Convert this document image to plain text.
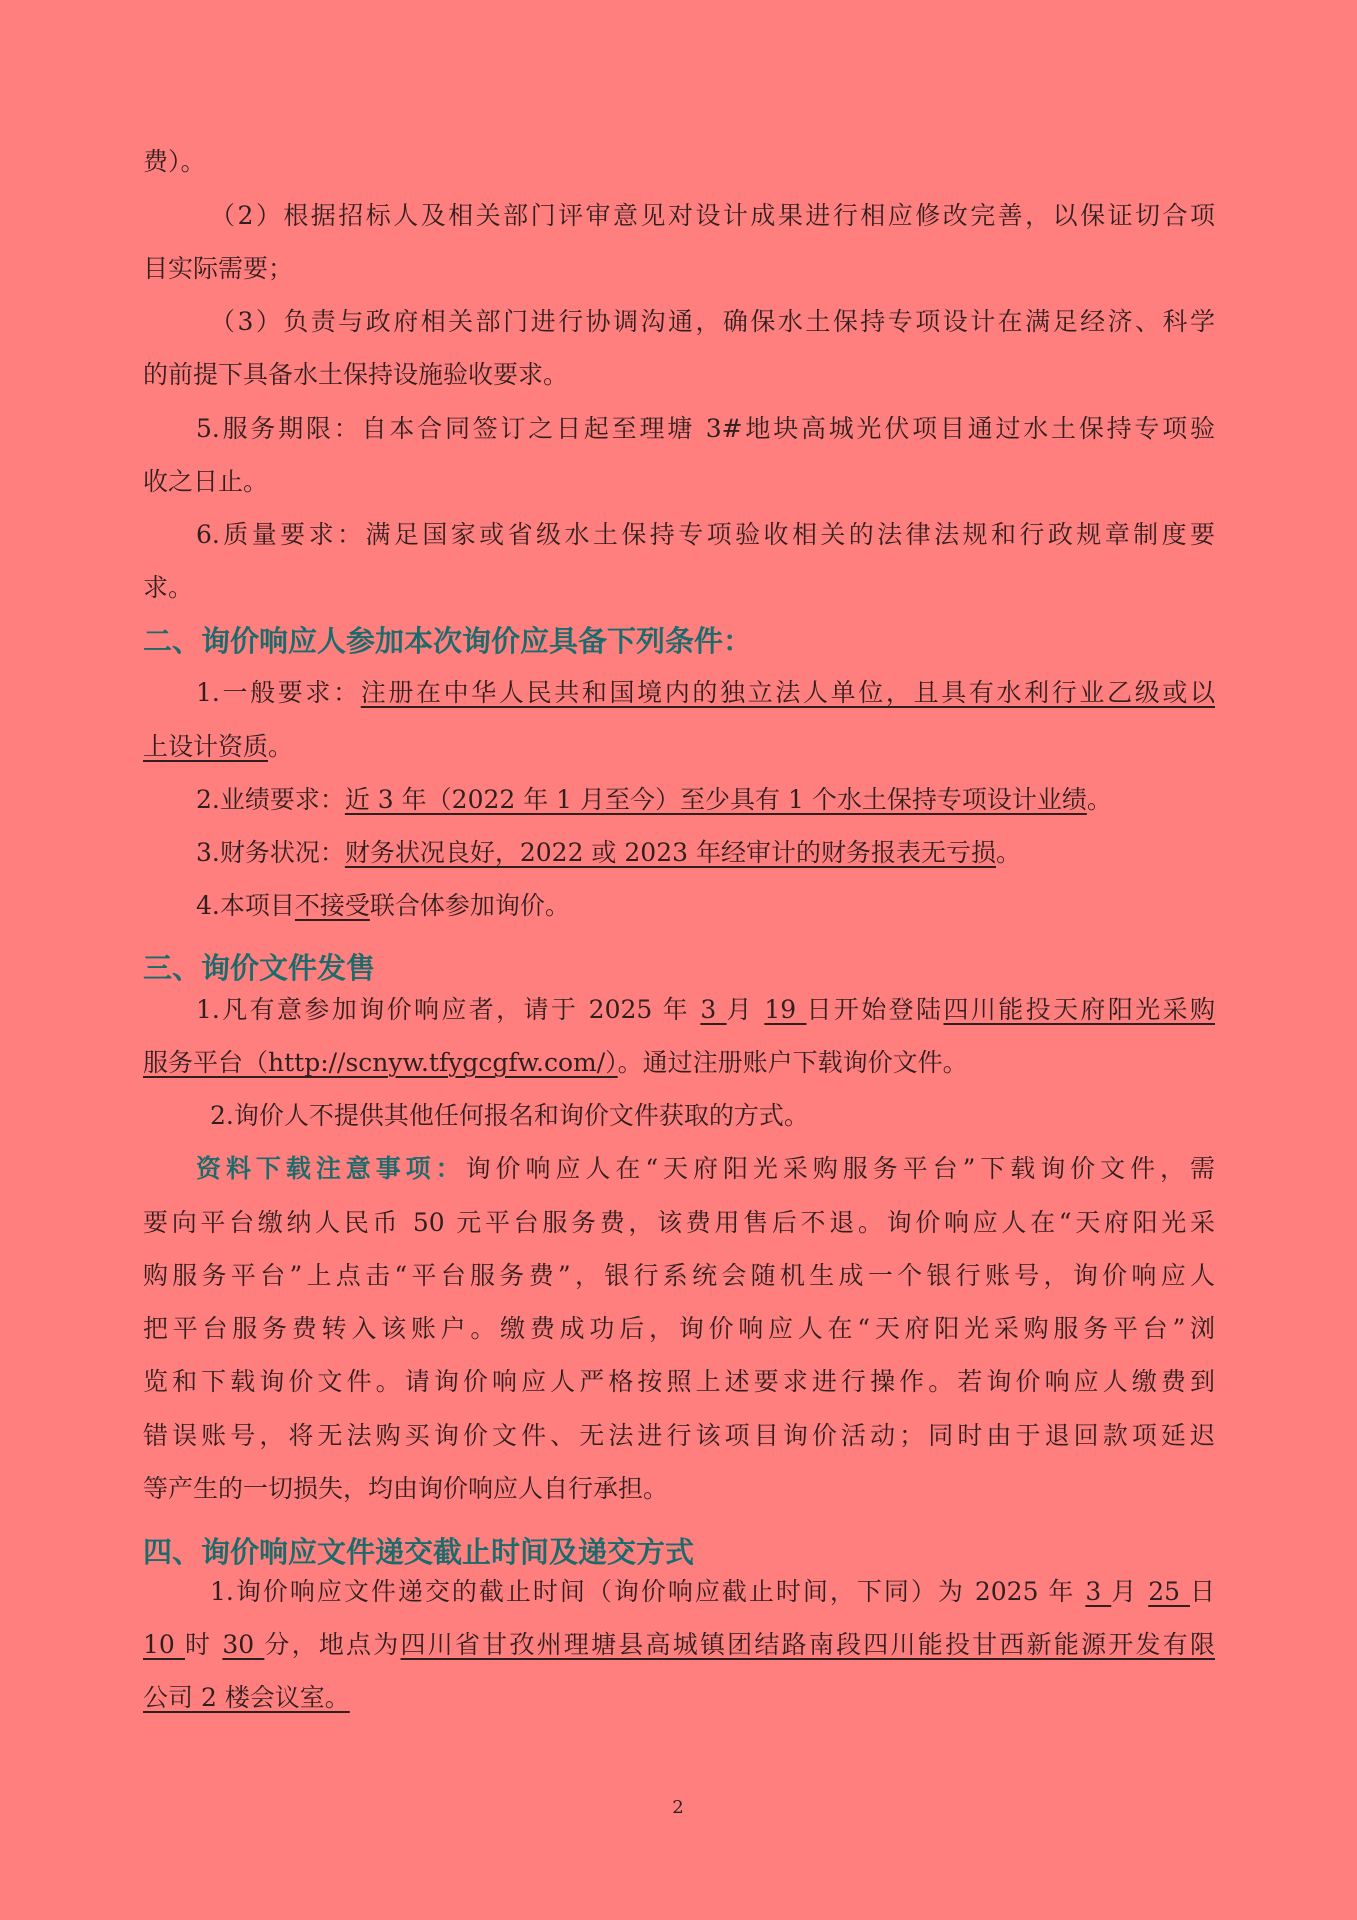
二、询价响应人参加本次询价应具备下列条件：
三、询价文件发售
四、询价响应文件递交截止时间及递交方式
费）。
（2）根据招标人及相关部门评审意见对设计成果进行相应修改完善，以保证切合项
目实际需要；
（3）负责与政府相关部门进行协调沟通，确保水土保持专项设计在满足经济、科学
的前提下具备水土保持设施验收要求。
5.服务期限：自本合同签订之日起至理塘 3#地块高城光伏项目通过水土保持专项验
收之日止。
6.质量要求：满足国家或省级水土保持专项验收相关的法律法规和行政规章制度要
求。
1.一般要求：注册在中华人民共和国境内的独立法人单位，且具有水利行业乙级或以
上设计资质。
2.业绩要求：近 3 年（2022 年 1 月至今）至少具有 1 个水土保持专项设计业绩。
3.财务状况：财务状况良好，2022 或 2023 年经审计的财务报表无亏损。
4.本项目不接受联合体参加询价。
1.凡有意参加询价响应者，请于 2025 年 3 月 19 日开始登陆四川能投天府阳光采购
服务平台（http://scnyw.tfygcgfw.com/）。通过注册账户下载询价文件。
2.询价人不提供其他任何报名和询价文件获取的方式。
资料下载注意事项：询价响应人在“天府阳光采购服务平台”下载询价文件，需
要向平台缴纳人民币 50 元平台服务费，该费用售后不退。询价响应人在“天府阳光采
购服务平台”上点击“平台服务费”，银行系统会随机生成一个银行账号，询价响应人
把平台服务费转入该账户。缴费成功后，询价响应人在“天府阳光采购服务平台”浏
览和下载询价文件。请询价响应人严格按照上述要求进行操作。若询价响应人缴费到
错误账号，将无法购买询价文件、无法进行该项目询价活动；同时由于退回款项延迟
等产生的一切损失，均由询价响应人自行承担。
1.询价响应文件递交的截止时间（询价响应截止时间，下同）为 2025 年 3 月 25 日
10 时 30 分，地点为四川省甘孜州理塘县高城镇团结路南段四川能投甘西新能源开发有限
公司 2 楼会议室。
2
